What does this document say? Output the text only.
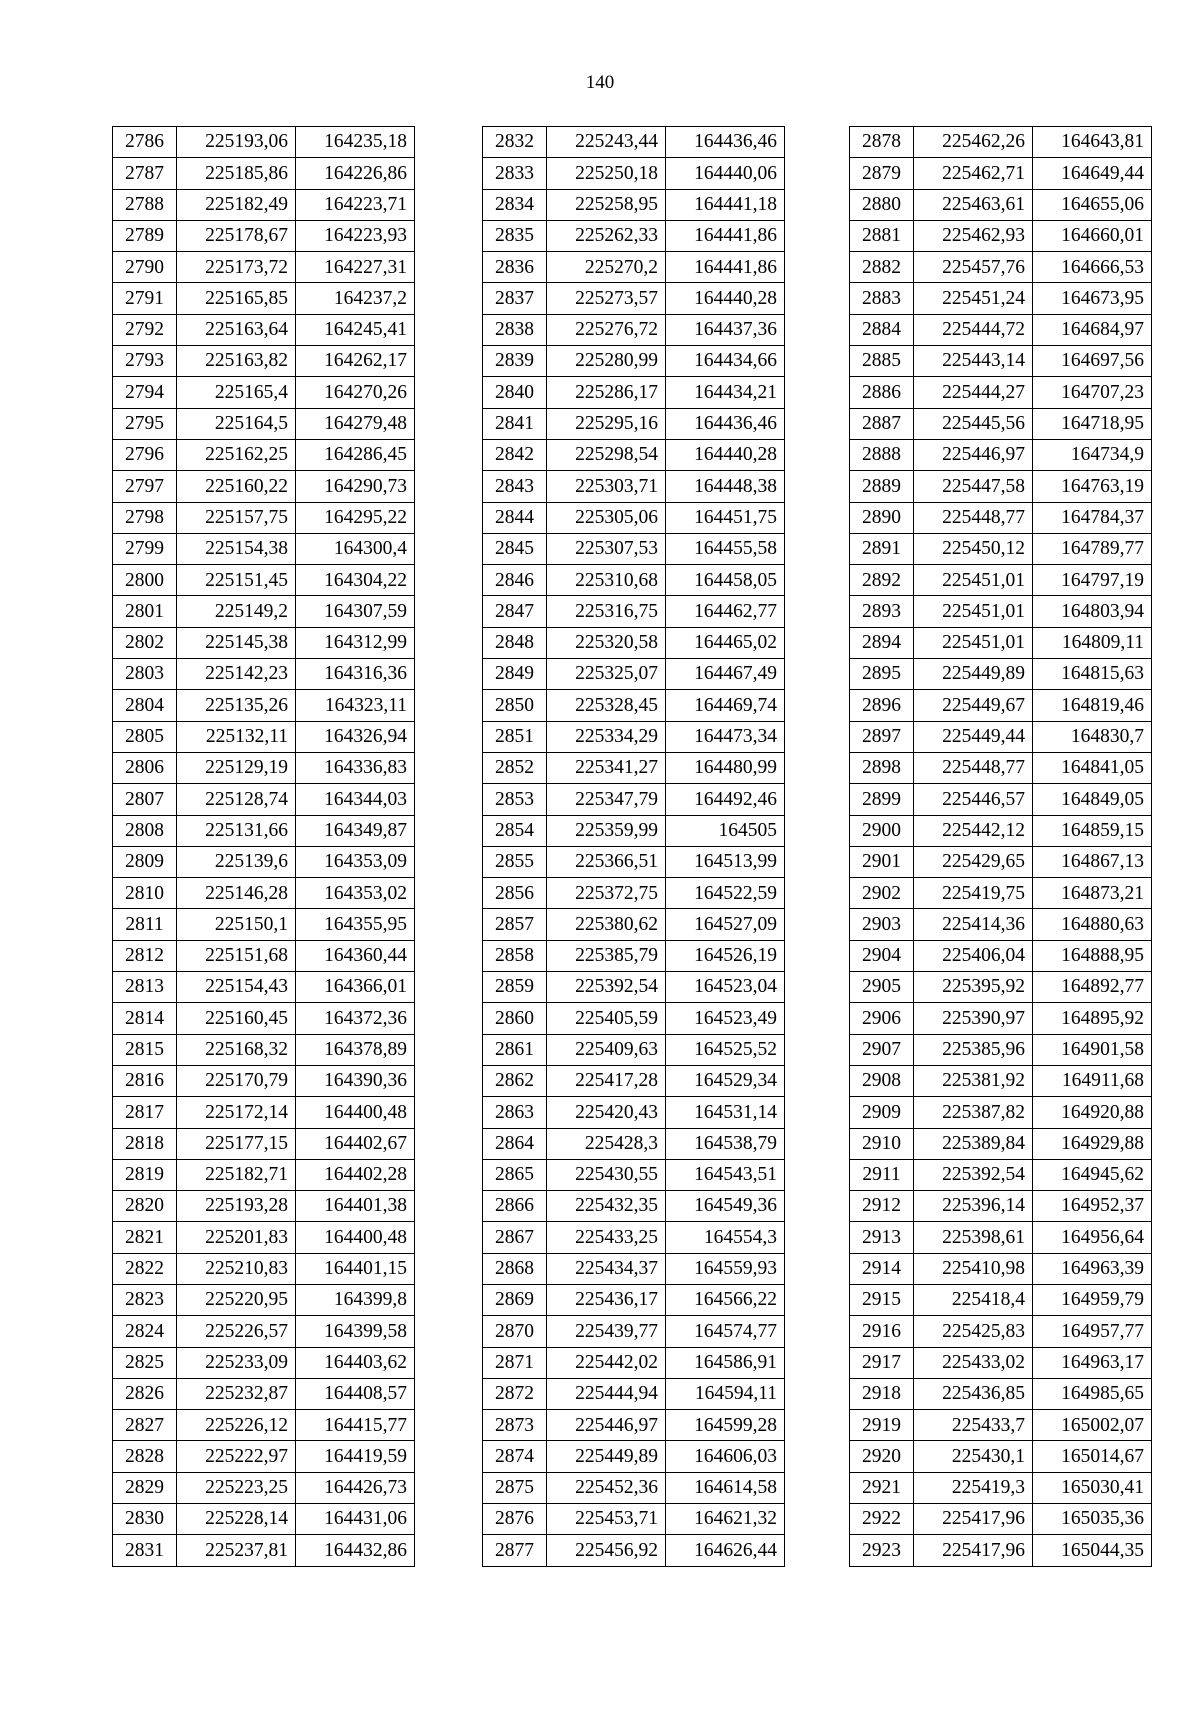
140
2786	225193,06	164235,18
2787	225185,86	164226,86
2788	225182,49	164223,71
2789	225178,67	164223,93
2790	225173,72	164227,31
2791	225165,85	164237,2
2792	225163,64	164245,41
2793	225163,82	164262,17
2794	225165,4	164270,26
2795	225164,5	164279,48
2796	225162,25	164286,45
2797	225160,22	164290,73
2798	225157,75	164295,22
2799	225154,38	164300,4
2800	225151,45	164304,22
2801	225149,2	164307,59
2802	225145,38	164312,99
2803	225142,23	164316,36
2804	225135,26	164323,11
2805	225132,11	164326,94
2806	225129,19	164336,83
2807	225128,74	164344,03
2808	225131,66	164349,87
2809	225139,6	164353,09
2810	225146,28	164353,02
2811	225150,1	164355,95
2812	225151,68	164360,44
2813	225154,43	164366,01
2814	225160,45	164372,36
2815	225168,32	164378,89
2816	225170,79	164390,36
2817	225172,14	164400,48
2818	225177,15	164402,67
2819	225182,71	164402,28
2820	225193,28	164401,38
2821	225201,83	164400,48
2822	225210,83	164401,15
2823	225220,95	164399,8
2824	225226,57	164399,58
2825	225233,09	164403,62
2826	225232,87	164408,57
2827	225226,12	164415,77
2828	225222,97	164419,59
2829	225223,25	164426,73
2830	225228,14	164431,06
2831	225237,81	164432,86
2832	225243,44	164436,46
2833	225250,18	164440,06
2834	225258,95	164441,18
2835	225262,33	164441,86
2836	225270,2	164441,86
2837	225273,57	164440,28
2838	225276,72	164437,36
2839	225280,99	164434,66
2840	225286,17	164434,21
2841	225295,16	164436,46
2842	225298,54	164440,28
2843	225303,71	164448,38
2844	225305,06	164451,75
2845	225307,53	164455,58
2846	225310,68	164458,05
2847	225316,75	164462,77
2848	225320,58	164465,02
2849	225325,07	164467,49
2850	225328,45	164469,74
2851	225334,29	164473,34
2852	225341,27	164480,99
2853	225347,79	164492,46
2854	225359,99	164505
2855	225366,51	164513,99
2856	225372,75	164522,59
2857	225380,62	164527,09
2858	225385,79	164526,19
2859	225392,54	164523,04
2860	225405,59	164523,49
2861	225409,63	164525,52
2862	225417,28	164529,34
2863	225420,43	164531,14
2864	225428,3	164538,79
2865	225430,55	164543,51
2866	225432,35	164549,36
2867	225433,25	164554,3
2868	225434,37	164559,93
2869	225436,17	164566,22
2870	225439,77	164574,77
2871	225442,02	164586,91
2872	225444,94	164594,11
2873	225446,97	164599,28
2874	225449,89	164606,03
2875	225452,36	164614,58
2876	225453,71	164621,32
2877	225456,92	164626,44
2878	225462,26	164643,81
2879	225462,71	164649,44
2880	225463,61	164655,06
2881	225462,93	164660,01
2882	225457,76	164666,53
2883	225451,24	164673,95
2884	225444,72	164684,97
2885	225443,14	164697,56
2886	225444,27	164707,23
2887	225445,56	164718,95
2888	225446,97	164734,9
2889	225447,58	164763,19
2890	225448,77	164784,37
2891	225450,12	164789,77
2892	225451,01	164797,19
2893	225451,01	164803,94
2894	225451,01	164809,11
2895	225449,89	164815,63
2896	225449,67	164819,46
2897	225449,44	164830,7
2898	225448,77	164841,05
2899	225446,57	164849,05
2900	225442,12	164859,15
2901	225429,65	164867,13
2902	225419,75	164873,21
2903	225414,36	164880,63
2904	225406,04	164888,95
2905	225395,92	164892,77
2906	225390,97	164895,92
2907	225385,96	164901,58
2908	225381,92	164911,68
2909	225387,82	164920,88
2910	225389,84	164929,88
2911	225392,54	164945,62
2912	225396,14	164952,37
2913	225398,61	164956,64
2914	225410,98	164963,39
2915	225418,4	164959,79
2916	225425,83	164957,77
2917	225433,02	164963,17
2918	225436,85	164985,65
2919	225433,7	165002,07
2920	225430,1	165014,67
2921	225419,3	165030,41
2922	225417,96	165035,36
2923	225417,96	165044,35
